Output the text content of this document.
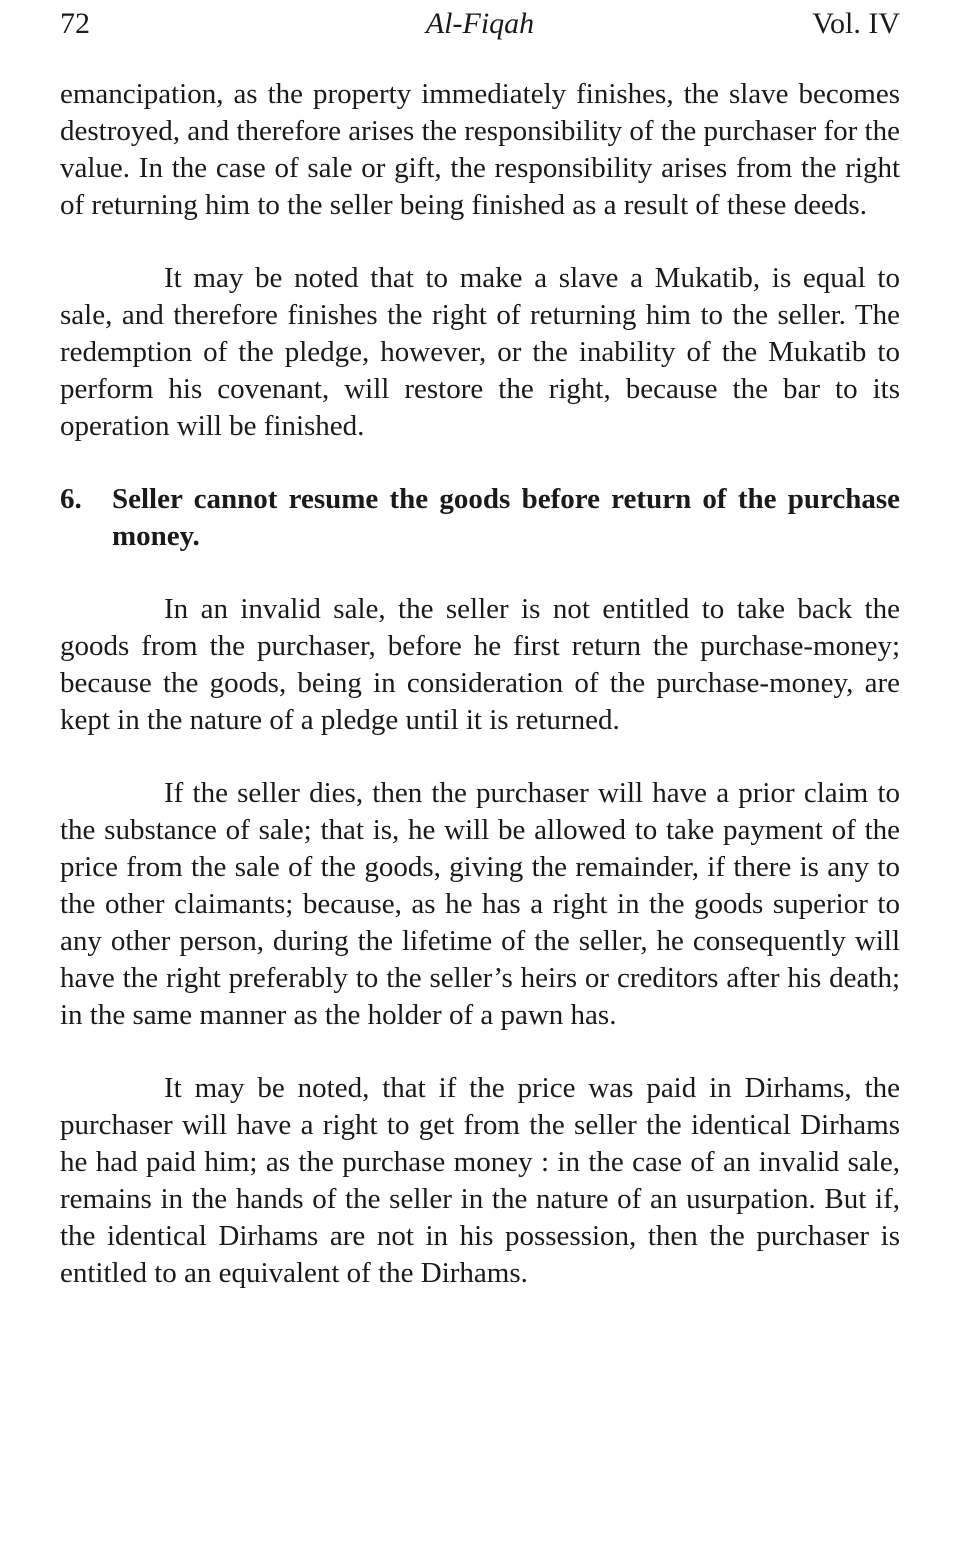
72	Al-Fiqah	Vol. IV

emancipation, as the property immediately finishes, the slave becomes destroyed, and therefore arises the responsibility of the purchaser for the value. In the case of sale or gift, the responsibility arises from the right of returning him to the seller being finished as a result of these deeds.

It may be noted that to make a slave a Mukatib, is equal to sale, and therefore finishes the right of returning him to the seller. The redemption of the pledge, however, or the inability of the Mukatib to perform his covenant, will restore the right, because the bar to its operation will be finished.

6.	Seller cannot resume the goods before return of the purchase money.

In an invalid sale, the seller is not entitled to take back the goods from the purchaser, before he first return the purchase-money; because the goods, being in consideration of the purchase-money, are kept in the nature of a pledge until it is returned.

If the seller dies, then the purchaser will have a prior claim to the substance of sale; that is, he will be allowed to take payment of the price from the sale of the goods, giving the remainder, if there is any to the other claimants; because, as he has a right in the goods superior to any other person, during the lifetime of the seller, he consequently will have the right preferably to the seller’s heirs or creditors after his death; in the same manner as the holder of a pawn has.

It may be noted, that if the price was paid in Dirhams, the purchaser will have a right to get from the seller the identical Dirhams he had paid him; as the purchase money : in the case of an invalid sale, remains in the hands of the seller in the nature of an usurpation. But if, the identical Dirhams are not in his possession, then the purchaser is entitled to an equivalent of the Dirhams.
